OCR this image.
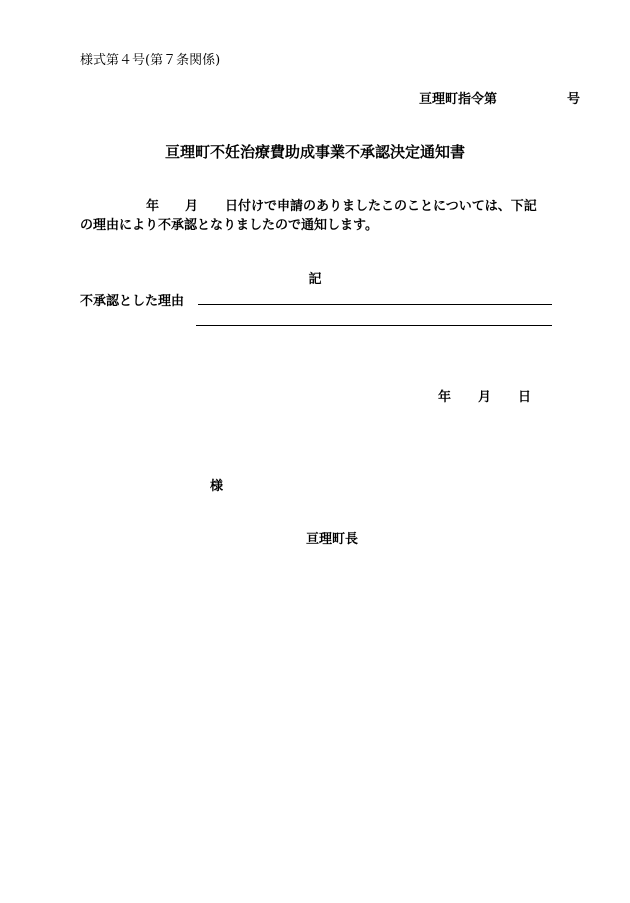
様式第４号(第７条関係)
亘理町指令第	号
亘理町不妊治療費助成事業不承認決定通知書
年 月 日付けで申請のありましたこのことについては、下記
の理由により不承認となりましたので通知します。
記
不承認とした理由
年 月 日
様
亘理町長
